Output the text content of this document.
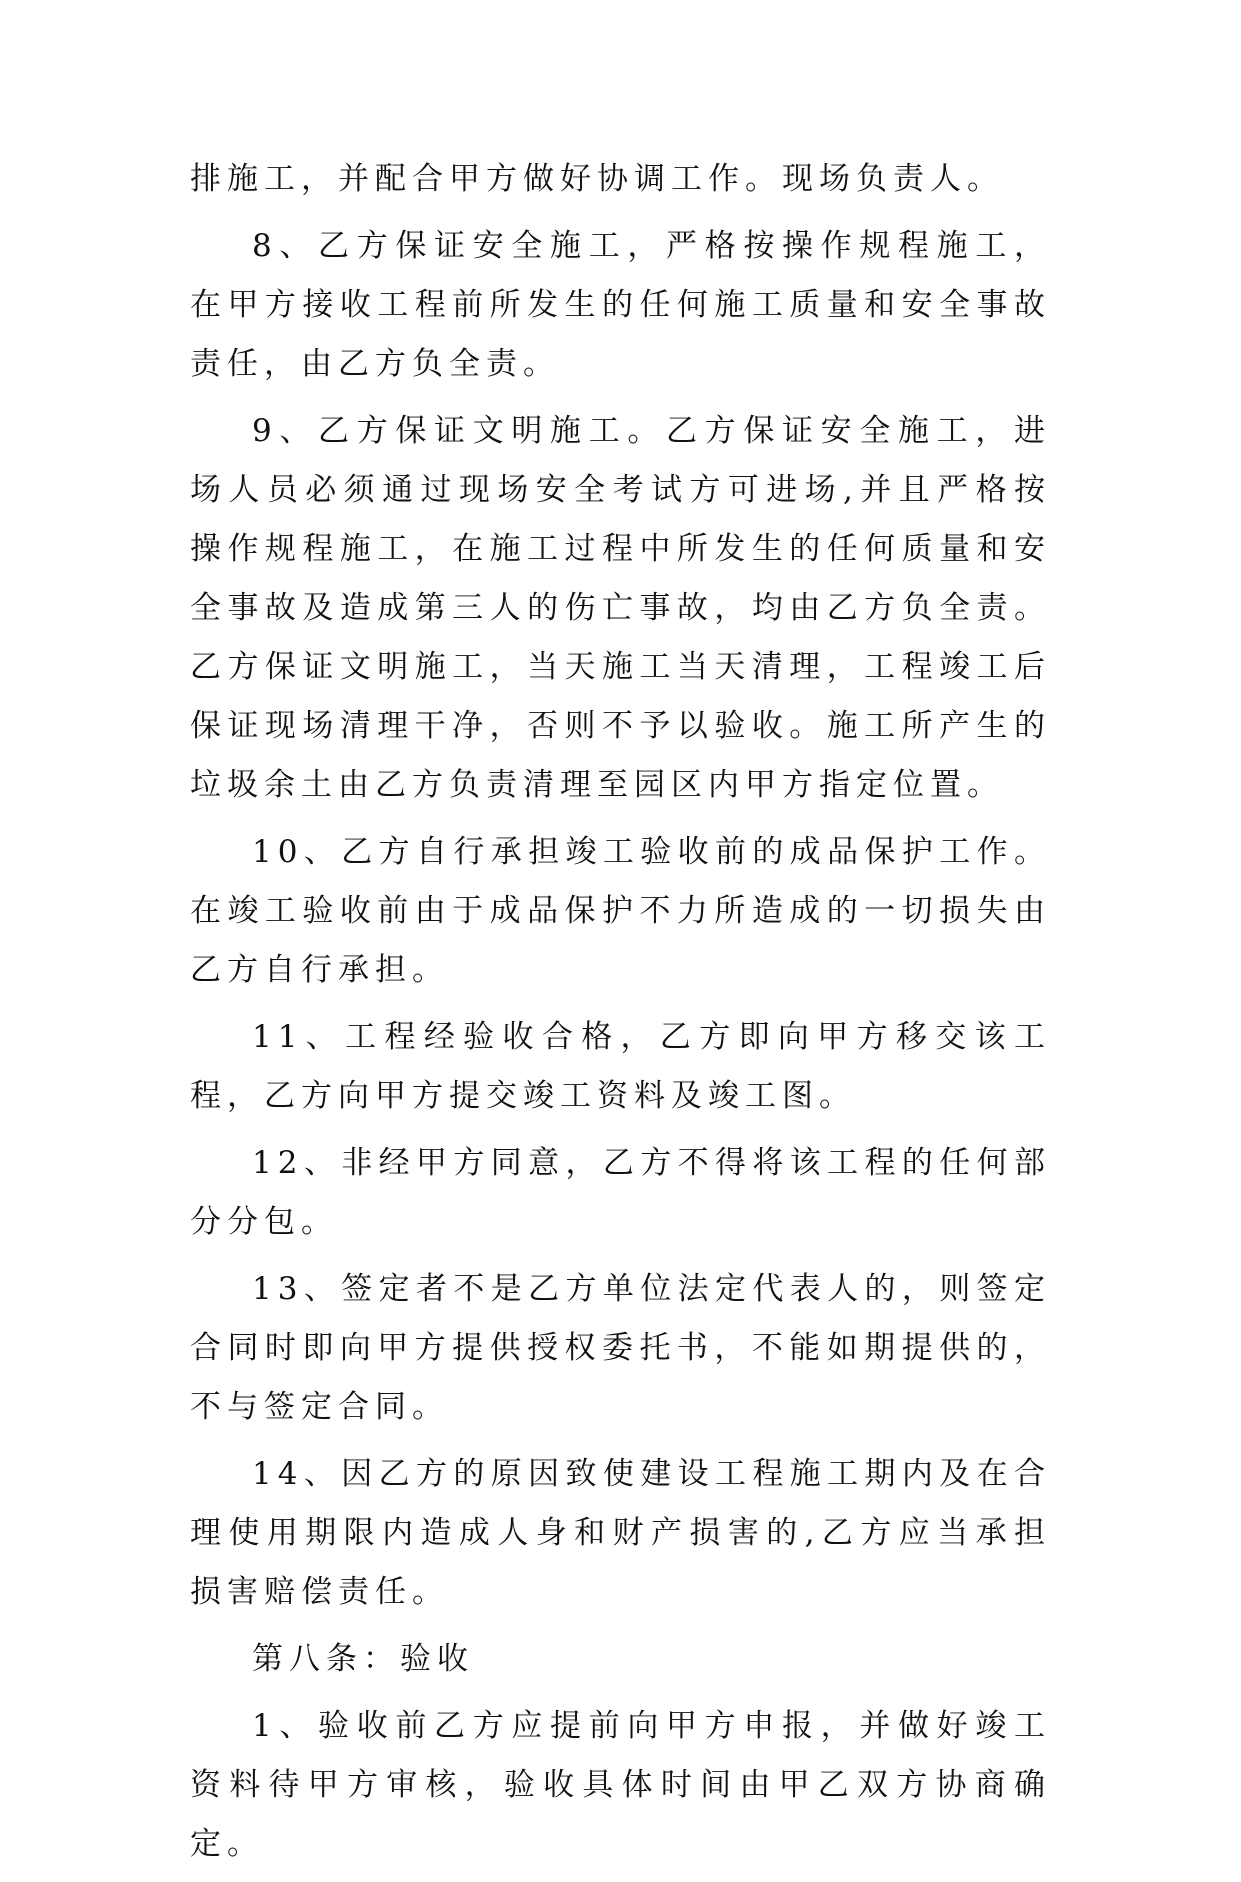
排施工，并配合甲方做好协调工作。现场负责人。

8、乙方保证安全施工，严格按操作规程施工，在甲方接收工程前所发生的任何施工质量和安全事故责任，由乙方负全责。

9、乙方保证文明施工。乙方保证安全施工，进场人员必须通过现场安全考试方可进场,并且严格按操作规程施工，在施工过程中所发生的任何质量和安全事故及造成第三人的伤亡事故，均由乙方负全责。乙方保证文明施工，当天施工当天清理，工程竣工后保证现场清理干净，否则不予以验收。施工所产生的垃圾余土由乙方负责清理至园区内甲方指定位置。

10、乙方自行承担竣工验收前的成品保护工作。在竣工验收前由于成品保护不力所造成的一切损失由乙方自行承担。

11、工程经验收合格，乙方即向甲方移交该工程，乙方向甲方提交竣工资料及竣工图。

12、非经甲方同意，乙方不得将该工程的任何部分分包。

13、签定者不是乙方单位法定代表人的，则签定合同时即向甲方提供授权委托书，不能如期提供的，不与签定合同。

14、因乙方的原因致使建设工程施工期内及在合理使用期限内造成人身和财产损害的,乙方应当承担损害赔偿责任。

第八条：验收

1、验收前乙方应提前向甲方申报，并做好竣工资料待甲方审核，验收具体时间由甲乙双方协商确定。
